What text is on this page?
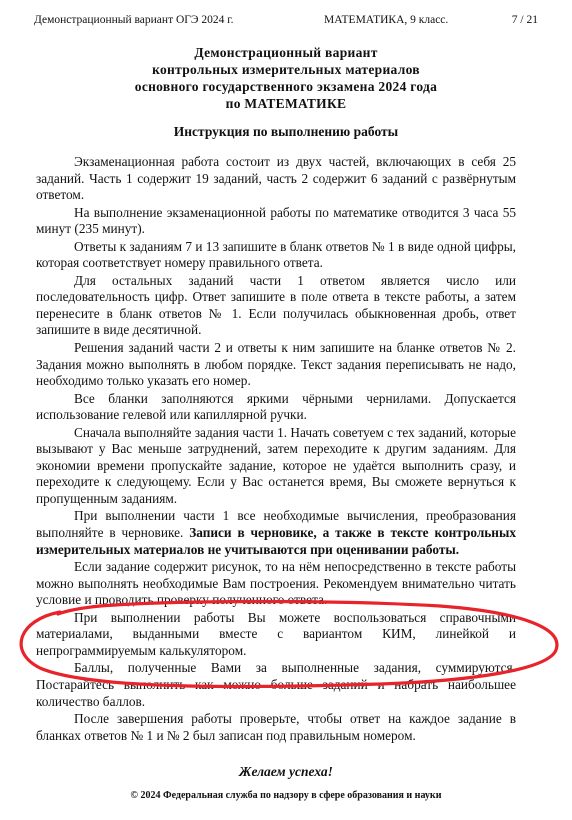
Демонстрационный вариант ОГЭ 2024 г.	МАТЕМАТИКА, 9 класс.	7 / 21
Демонстрационный вариант
контрольных измерительных материалов
основного государственного экзамена 2024 года
по МАТЕМАТИКЕ
Инструкция по выполнению работы

Экзаменационная работа состоит из двух частей, включающих в себя 25 заданий. Часть 1 содержит 19 заданий, часть 2 содержит 6 заданий с развёрнутым ответом.

На выполнение экзаменационной работы по математике отводится 3 часа 55 минут (235 минут).

Ответы к заданиям 7 и 13 запишите в бланк ответов № 1 в виде одной цифры, которая соответствует номеру правильного ответа.

Для остальных заданий части 1 ответом является число или последовательность цифр. Ответ запишите в поле ответа в тексте работы, а затем перенесите в бланк ответов № 1. Если получилась обыкновенная дробь, ответ запишите в виде десятичной.

Решения заданий части 2 и ответы к ним запишите на бланке ответов № 2. Задания можно выполнять в любом порядке. Текст задания переписывать не надо, необходимо только указать его номер.

Все бланки заполняются яркими чёрными чернилами. Допускается использование гелевой или капиллярной ручки.

Сначала выполняйте задания части 1. Начать советуем с тех заданий, которые вызывают у Вас меньше затруднений, затем переходите к другим заданиям. Для экономии времени пропускайте задание, которое не удаётся выполнить сразу, и переходите к следующему. Если у Вас останется время, Вы сможете вернуться к пропущенным заданиям.

При выполнении части 1 все необходимые вычисления, преобразования выполняйте в черновике. Записи в черновике, а также в тексте контрольных измерительных материалов не учитываются при оценивании работы.

Если задание содержит рисунок, то на нём непосредственно в тексте работы можно выполнять необходимые Вам построения. Рекомендуем внимательно читать условие и проводить проверку полученного ответа.

При выполнении работы Вы можете воспользоваться справочными материалами, выданными вместе с вариантом КИМ, линейкой и непрограммируемым калькулятором.

Баллы, полученные Вами за выполненные задания, суммируются. Постарайтесь выполнить как можно больше заданий и набрать наибольшее количество баллов.

После завершения работы проверьте, чтобы ответ на каждое задание в бланках ответов № 1 и № 2 был записан под правильным номером.

Желаем успеха!
© 2024 Федеральная служба по надзору в сфере образования и науки
